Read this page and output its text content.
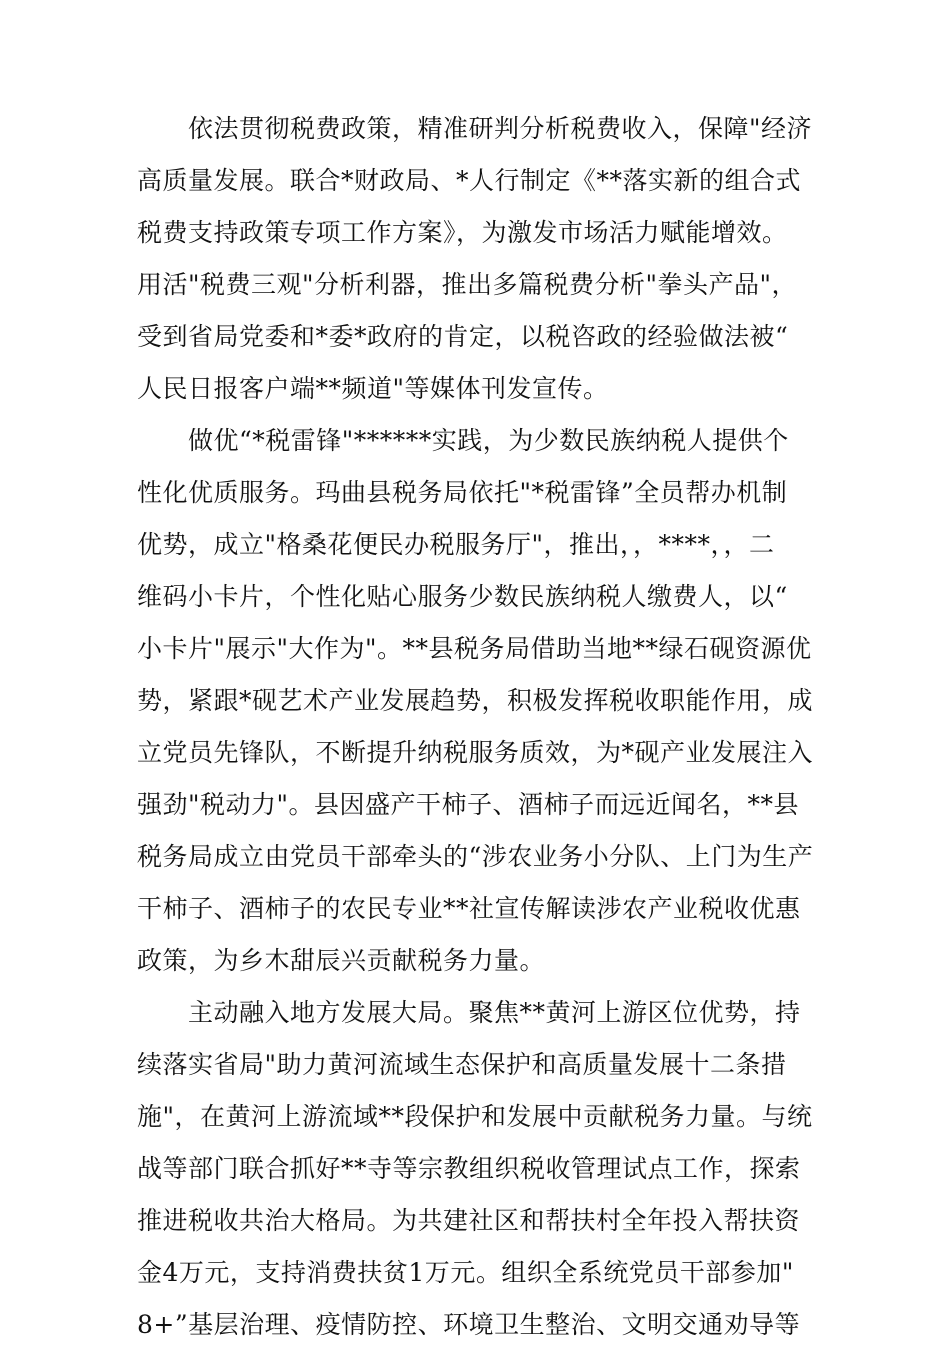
依法贯彻税费政策，精准研判分析税费收入，保障"经济
高质量发展。联合*财政局、*人行制定《**落实新的组合式
税费支持政策专项工作方案》，为激发市场活力赋能增效。
用活"税费三观"分析利器，推出多篇税费分析"拳头产品"，
受到省局党委和*委*政府的肯定，以税咨政的经验做法被“
人民日报客户端**频道"等媒体刊发宣传。
做优“*税雷锋"******实践，为少数民族纳税人提供个
性化优质服务。玛曲县税务局依托"*税雷锋”全员帮办机制
优势，成立"格桑花便民办税服务厅"，推出，，****，，二
维码小卡片，个性化贴心服务少数民族纳税人缴费人，以“
小卡片"展示"大作为"。**县税务局借助当地**绿石砚资源优
势，紧跟*砚艺术产业发展趋势，积极发挥税收职能作用，成
立党员先锋队，不断提升纳税服务质效，为*砚产业发展注入
强劲"税动力"。县因盛产干柿子、酒柿子而远近闻名，**县
税务局成立由党员干部牵头的“涉农业务小分队、上门为生产
干柿子、酒柿子的农民专业**社宣传解读涉农产业税收优惠
政策，为乡木甜辰兴贡献税务力量。
主动融入地方发展大局。聚焦**黄河上游区位优势，持
续落实省局"助力黄河流域生态保护和高质量发展十二条措
施"，在黄河上游流域**段保护和发展中贡献税务力量。与统
战等部门联合抓好**寺等宗教组织税收管理试点工作，探索
推进税收共治大格局。为共建社区和帮扶村全年投入帮扶资
金4万元，支持消费扶贫1万元。组织全系统党员干部参加"
8+”基层治理、疫情防控、环境卫生整治、文明交通劝导等
